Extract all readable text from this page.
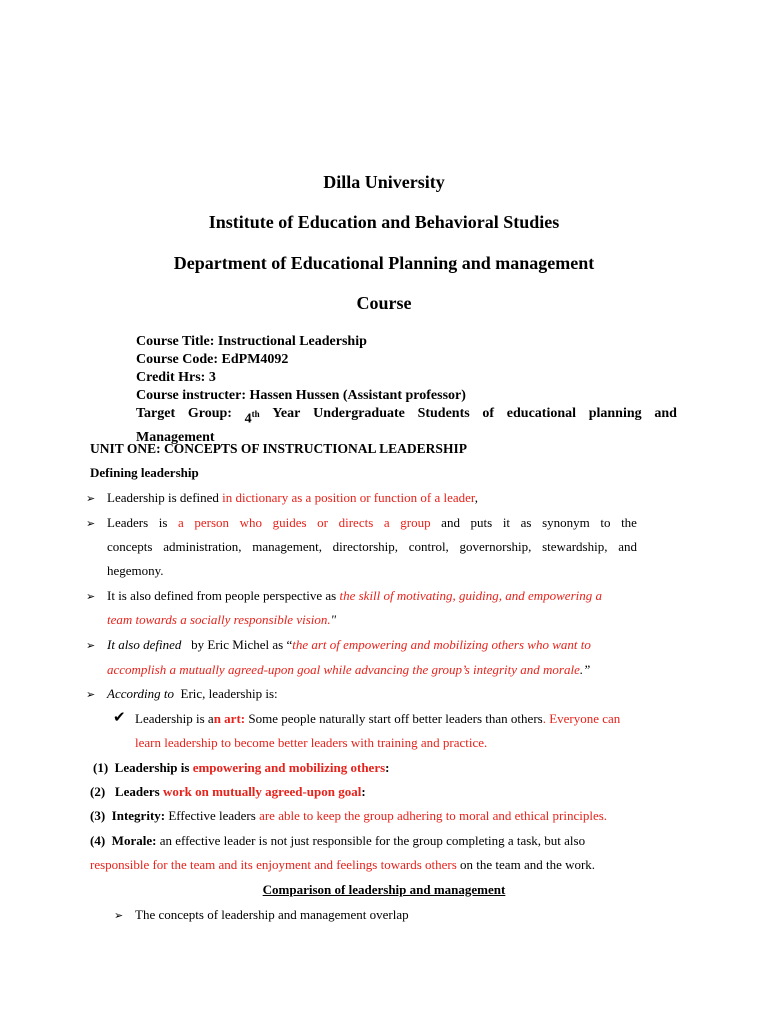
Dilla University
Institute of Education and Behavioral Studies
Department of Educational Planning and management
Course
Course Title: Instructional Leadership
Course Code: EdPM4092
Credit Hrs: 3
Course instructer: Hassen Hussen (Assistant professor)
Target Group: 4th Year Undergraduate Students of educational planning and
Management
UNIT ONE: CONCEPTS OF INSTRUCTIONAL LEADERSHIP
Defining leadership
➢ Leadership is defined in dictionary as a position or function of a leader,
➢ Leaders is a person who guides or directs a group and puts it as synonym to the
concepts administration, management, directorship, control, governorship, stewardship, and
hegemony.
➢ It is also defined from people perspective as the skill of motivating, guiding, and empowering a
team towards a socially responsible vision."
➢ It also defined   by Eric Michel as “the art of empowering and mobilizing others who want to
accomplish a mutually agreed-upon goal while advancing the group’s integrity and morale.”
➢ According to  Eric, leadership is:
✔ Leadership is an art: Some people naturally start off better leaders than others. Everyone can
learn leadership to become better leaders with training and practice.
(1) Leadership is empowering and mobilizing others:
(2) Leaders work on mutually agreed-upon goal:
(3) Integrity: Effective leaders are able to keep the group adhering to moral and ethical principles.
(4) Morale: an effective leader is not just responsible for the group completing a task, but also
responsible for the team and its enjoyment and feelings towards others on the team and the work.
Comparison of leadership and management
➢ The concepts of leadership and management overlap
